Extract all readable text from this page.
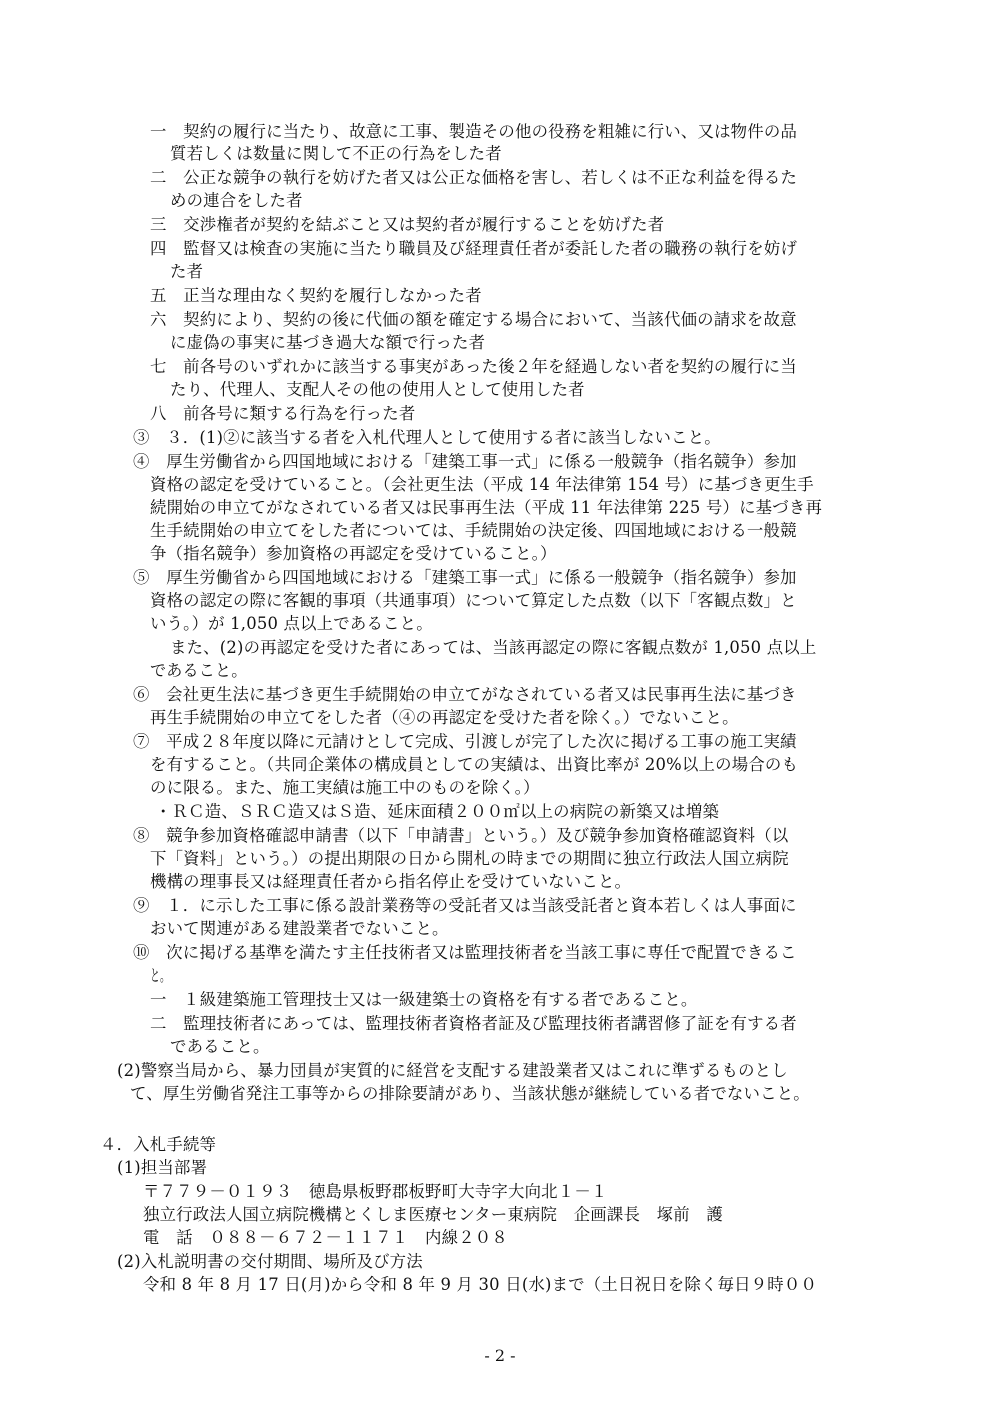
一　契約の履行に当たり、故意に工事、製造その他の役務を粗雑に行い、又は物件の品
質若しくは数量に関して不正の行為をした者
二　公正な競争の執行を妨げた者又は公正な価格を害し、若しくは不正な利益を得るた
めの連合をした者
三　交渉権者が契約を結ぶこと又は契約者が履行することを妨げた者
四　監督又は検査の実施に当たり職員及び経理責任者が委託した者の職務の執行を妨げ
た者
五　正当な理由なく契約を履行しなかった者
六　契約により、契約の後に代価の額を確定する場合において、当該代価の請求を故意
に虚偽の事実に基づき過大な額で行った者
七　前各号のいずれかに該当する事実があった後２年を経過しない者を契約の履行に当
たり、代理人、支配人その他の使用人として使用した者
八　前各号に類する行為を行った者
③　３．(1)②に該当する者を入札代理人として使用する者に該当しないこと。
④　厚生労働省から四国地域における「建築工事一式」に係る一般競争（指名競争）参加
資格の認定を受けていること。（会社更生法（平成 14 年法律第 154 号）に基づき更生手
続開始の申立てがなされている者又は民事再生法（平成 11 年法律第 225 号）に基づき再
生手続開始の申立てをした者については、手続開始の決定後、四国地域における一般競
争（指名競争）参加資格の再認定を受けていること。）
⑤　厚生労働省から四国地域における「建築工事一式」に係る一般競争（指名競争）参加
資格の認定の際に客観的事項（共通事項）について算定した点数（以下「客観点数」と
いう。）が 1,050 点以上であること。
また、(2)の再認定を受けた者にあっては、当該再認定の際に客観点数が 1,050 点以上
であること。
⑥　会社更生法に基づき更生手続開始の申立てがなされている者又は民事再生法に基づき
再生手続開始の申立てをした者（④の再認定を受けた者を除く。）でないこと。
⑦　平成２８年度以降に元請けとして完成、引渡しが完了した次に掲げる工事の施工実績
を有すること。（共同企業体の構成員としての実績は、出資比率が 20%以上の場合のも
のに限る。また、施工実績は施工中のものを除く。）
・ＲＣ造、ＳＲＣ造又はＳ造、延床面積２００㎡以上の病院の新築又は増築
⑧　競争参加資格確認申請書（以下「申請書」という。）及び競争参加資格確認資料（以
下「資料」という。）の提出期限の日から開札の時までの期間に独立行政法人国立病院
機構の理事長又は経理責任者から指名停止を受けていないこと。
⑨　１．に示した工事に係る設計業務等の受託者又は当該受託者と資本若しくは人事面に
おいて関連がある建設業者でないこと。
⑩　次に掲げる基準を満たす主任技術者又は監理技術者を当該工事に専任で配置できるこ
と。
一　１級建築施工管理技士又は一級建築士の資格を有する者であること。
二　監理技術者にあっては、監理技術者資格者証及び監理技術者講習修了証を有する者
であること。
(2)警察当局から、暴力団員が実質的に経営を支配する建設業者又はこれに準ずるものとし
て、厚生労働省発注工事等からの排除要請があり、当該状態が継続している者でないこと。
４．入札手続等
(1)担当部署
〒７７９－０１９３　徳島県板野郡板野町大寺字大向北１－１
独立行政法人国立病院機構とくしま医療センター東病院　企画課長　塚前　護
電　話　０８８－６７２－１１７１　内線２０８
(2)入札説明書の交付期間、場所及び方法
令和 8 年 8 月 17 日(月)から令和 8 年 9 月 30 日(水)まで（土日祝日を除く毎日９時００
- 2 -
